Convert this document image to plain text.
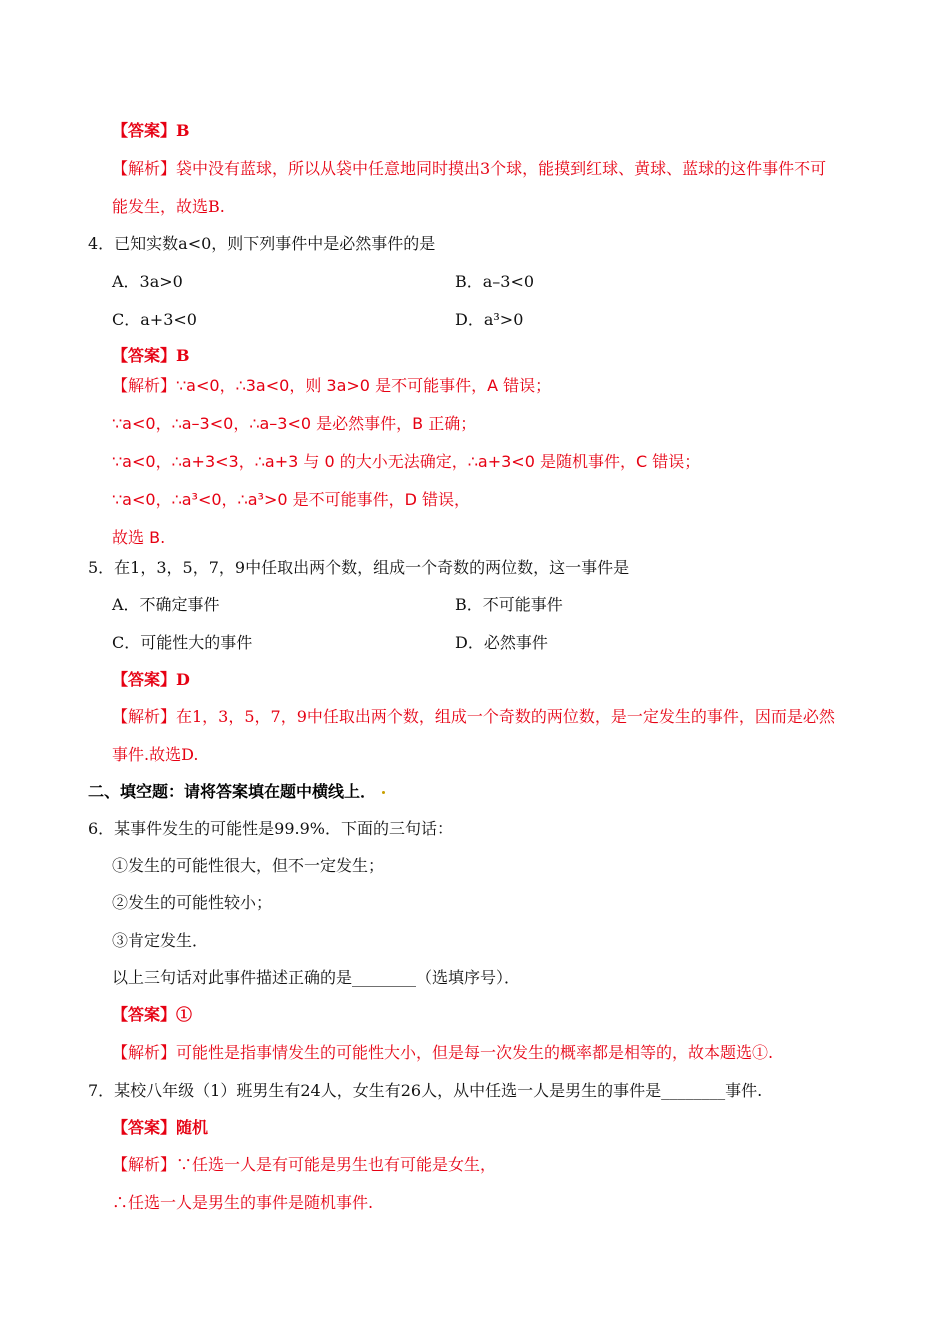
【答案】B
【解析】袋中没有蓝球，所以从袋中任意地同时摸出3个球，能摸到红球、黄球、蓝球的这件事件不可
能发生，故选B.
4．已知实数a<0，则下列事件中是必然事件的是
A．3a>0	B．a–3<0
C．a+3<0	D．a³>0
【答案】B
【解析】∵a<0，∴3a<0，则 3a>0 是不可能事件，A 错误；
∵a<0，∴a–3<0，∴a–3<0 是必然事件，B 正确；
∵a<0，∴a+3<3，∴a+3 与 0 的大小无法确定，∴a+3<0 是随机事件，C 错误；
∵a<0，∴a³<0，∴a³>0 是不可能事件，D 错误，
故选 B.
5．在1，3，5，7，9中任取出两个数，组成一个奇数的两位数，这一事件是
A．不确定事件	B．不可能事件
C．可能性大的事件	D．必然事件
【答案】D
【解析】在1，3，5，7，9中任取出两个数，组成一个奇数的两位数，是一定发生的事件，因而是必然
事件.故选D.
二、填空题：请将答案填在题中横线上．
6．某事件发生的可能性是99.9%．下面的三句话：
①发生的可能性很大，但不一定发生；
②发生的可能性较小；
③肯定发生．
以上三句话对此事件描述正确的是________（选填序号）．
【答案】①
【解析】可能性是指事情发生的可能性大小，但是每一次发生的概率都是相等的，故本题选①.
7．某校八年级（1）班男生有24人，女生有26人，从中任选一人是男生的事件是________事件.
【答案】随机
【解析】∵任选一人是有可能是男生也有可能是女生，
∴任选一人是男生的事件是随机事件.
